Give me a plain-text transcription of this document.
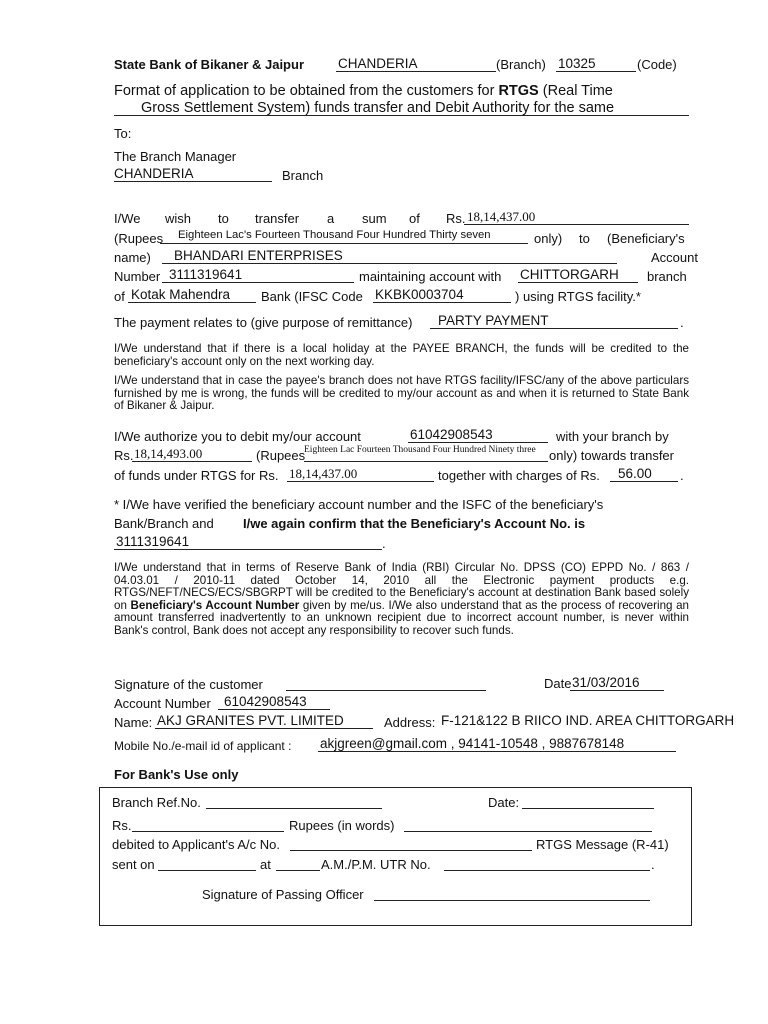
State Bank of Bikaner & Jaipur	CHANDERIA	(Branch) 10325	(Code)
Format of application to be obtained from the customers for RTGS (Real Time
Gross Settlement System) funds transfer and Debit Authority for the same
To:
The Branch Manager
CHANDERIA	Branch
I/We wish to transfer a sum of Rs. 18,14,437.00
(Rupees Eighteen Lac's Fourteen Thousand Four Hundred Thirty seven	only) to (Beneficiary's
name) BHANDARI ENTERPRISES	Account
Number 3111319641	maintaining account with CHITTORGARH branch
of Kotak Mahendra Bank (IFSC Code KKBK0003704	) using RTGS facility.*
The payment relates to (give purpose of remittance) PARTY PAYMENT	.
I/We understand that if there is a local holiday at the PAYEE BRANCH, the funds will be credited to the beneficiary's account only on the next working day.
I/We understand that in case the payee's branch does not have RTGS facility/IFSC/any of the above particulars furnished by me is wrong, the funds will be credited to my/our account as and when it is returned to State Bank of Bikaner & Jaipur.
I/We authorize you to debit my/our account	61042908543	with your branch by
Rs. 18,14,493.00	(Rupees
Eighteen Lac Fourteen Thousand Four Hundred Ninety three only) towards transfer
of funds under RTGS for Rs. 18,14,437.00	together with charges of Rs. 56.00 .
* I/We have verified the beneficiary account number and the ISFC of the beneficiary's
Bank/Branch and I/we again confirm that the Beneficiary's Account No. is
3111319641	.
I/We understand that in terms of Reserve Bank of India (RBI) Circular No. DPSS (CO) EPPD No. / 863 / 04.03.01 / 2010-11 dated October 14, 2010 all the Electronic payment products e.g. RTGS/NEFT/NECS/ECS/SBGRPT will be credited to the Beneficiary's account at destination Bank based solely on Beneficiary's Account Number given by me/us. I/We also understand that as the process of recovering an amount transferred inadvertently to an unknown recipient due to incorrect account number, is never within Bank's control, Bank does not accept any responsibility to recover such funds.
Signature of the customer	Date 31/03/2016
Account Number 61042908543
Name: AKJ GRANITES PVT. LIMITED	Address: F-121&122 B RIICO IND. AREA CHITTORGARH
Mobile No./e-mail id of applicant : akjgreen@gmail.com , 94141-10548 , 9887678148
For Bank's Use only
Branch Ref.No.	Date:
Rs.	Rupees (in words)
debited to Applicant's A/c No.	RTGS Message (R-41)
sent on	at	A.M./P.M. UTR No.	.
Signature of Passing Officer
